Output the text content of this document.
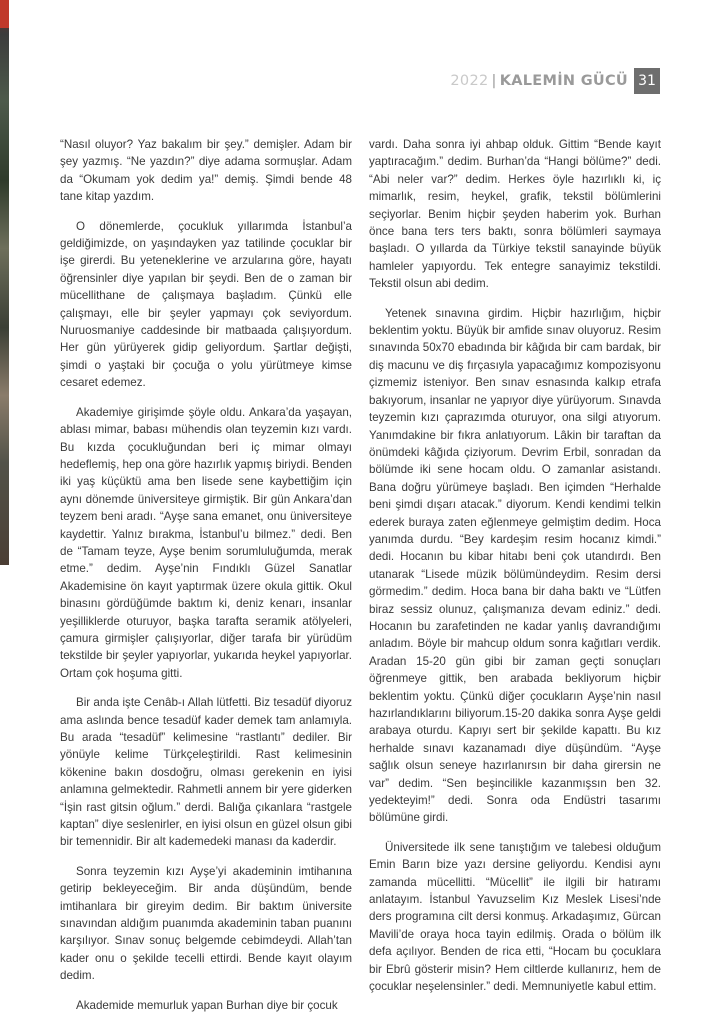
2022 | KALEMİN GÜCÜ 31

“Nasıl oluyor? Yaz bakalım bir şey.” demişler. Adam bir şey yazmış. “Ne yazdın?” diye adama sormuşlar. Adam da “Okumam yok dedim ya!” demiş. Şimdi bende 48 tane kitap yazdım.

O dönemlerde, çocukluk yıllarımda İstanbul’a geldiğimizde, on yaşındayken yaz tatilinde çocuklar bir işe girerdi. Bu yeteneklerine ve arzularına göre, hayatı öğrensinler diye yapılan bir şeydi. Ben de o zaman bir mücellithane de çalışmaya başladım. Çünkü elle çalışmayı, elle bir şeyler yapmayı çok seviyordum. Nuruosmaniye caddesinde bir matbaada çalışıyordum. Her gün yürüyerek gidip geliyordum. Şartlar değişti, şimdi o yaştaki bir çocuğa o yolu yürütmeye kimse cesaret edemez.

Akademiye girişimde şöyle oldu. Ankara’da yaşayan, ablası mimar, babası mühendis olan teyzemin kızı vardı. Bu kızda çocukluğundan beri iç mimar olmayı hedeflemiş, hep ona göre hazırlık yapmış biriydi. Benden iki yaş küçüktü ama ben lisede sene kaybettiğim için aynı dönemde üniversiteye girmiştik. Bir gün Ankara’dan teyzem beni aradı. “Ayşe sana emanet, onu üniversiteye kaydettir. Yalnız bırakma, İstanbul’u bilmez.” dedi. Ben de “Tamam teyze, Ayşe benim sorumluluğumda, merak etme.” dedim. Ayşe’nin Fındıklı Güzel Sanatlar Akademisine ön kayıt yaptırmak üzere okula gittik. Okul binasını gördüğümde baktım ki, deniz kenarı, insanlar yeşilliklerde oturuyor, başka tarafta seramik atölyeleri, çamura girmişler çalışıyorlar, diğer tarafa bir yürüdüm tekstilde bir şeyler yapıyorlar, yukarıda heykel yapıyorlar. Ortam çok hoşuma gitti.

Bir anda işte Cenâb-ı Allah lütfetti. Biz tesadüf diyoruz ama aslında bence tesadüf kader demek tam anlamıyla. Bu arada “tesadüf” kelimesine “rastlantı” dediler. Bir yönüyle kelime Türkçeleştirildi. Rast kelimesinin kökenine bakın dosdoğru, olması gerekenin en iyisi anlamına gelmektedir. Rahmetli annem bir yere giderken “İşin rast gitsin oğlum.” derdi. Balığa çıkanlara “rastgele kaptan” diye seslenirler, en iyisi olsun en güzel olsun gibi bir temennidir. Bir alt kademedeki manası da kaderdir.

Sonra teyzemin kızı Ayşe’yi akademinin imtihanına getirip bekleyeceğim. Bir anda düşündüm, bende imtihanlara bir gireyim dedim. Bir baktım üniversite sınavından aldığım puanımda akademinin taban puanını karşılıyor. Sınav sonuç belgemde cebimdeydi. Allah’tan kader onu o şekilde tecelli ettirdi. Bende kayıt olayım dedim.

Akademide memurluk yapan Burhan diye bir çocuk

vardı. Daha sonra iyi ahbap olduk. Gittim “Bende kayıt yaptıracağım.” dedim. Burhan’da “Hangi bölüme?” dedi. “Abi neler var?” dedim. Herkes öyle hazırlıklı ki, iç mimarlık, resim, heykel, grafik, tekstil bölümlerini seçiyorlar. Benim hiçbir şeyden haberim yok. Burhan önce bana ters ters baktı, sonra bölümleri saymaya başladı. O yıllarda da Türkiye tekstil sanayinde büyük hamleler yapıyordu. Tek entegre sanayimiz tekstildi. Tekstil olsun abi dedim.

Yetenek sınavına girdim. Hiçbir hazırlığım, hiçbir beklentim yoktu. Büyük bir amfide sınav oluyoruz. Resim sınavında 50x70 ebadında bir kâğıda bir cam bardak, bir diş macunu ve diş fırçasıyla yapacağımız kompozisyonu çizmemiz isteniyor. Ben sınav esnasında kalkıp etrafa bakıyorum, insanlar ne yapıyor diye yürüyorum. Sınavda teyzemin kızı çaprazımda oturuyor, ona silgi atıyorum. Yanımdakine bir fıkra anlatıyorum. Lâkin bir taraftan da önümdeki kâğıda çiziyorum. Devrim Erbil, sonradan da bölümde iki sene hocam oldu. O zamanlar asistandı. Bana doğru yürümeye başladı. Ben içimden “Herhalde beni şimdi dışarı atacak.” diyorum. Kendi kendimi telkin ederek buraya zaten eğlenmeye gelmiştim dedim. Hoca yanımda durdu. “Bey kardeşim resim hocanız kimdi.” dedi. Hocanın bu kibar hitabı beni çok utandırdı. Ben utanarak “Lisede müzik bölümündeydim. Resim dersi görmedim.” dedim. Hoca bana bir daha baktı ve “Lütfen biraz sessiz olunuz, çalışmanıza devam ediniz.” dedi. Hocanın bu zarafetinden ne kadar yanlış davrandığımı anladım. Böyle bir mahcup oldum sonra kağıtları verdik. Aradan 15-20 gün gibi bir zaman geçti sonuçları öğrenmeye gittik, ben arabada bekliyorum hiçbir beklentim yoktu. Çünkü diğer çocukların Ayşe’nin nasıl hazırlandıklarını biliyorum.15-20 dakika sonra Ayşe geldi arabaya oturdu. Kapıyı sert bir şekilde kapattı. Bu kız herhalde sınavı kazanamadı diye düşündüm. “Ayşe sağlık olsun seneye hazırlanırsın bir daha girersin ne var” dedim. “Sen beşincilikle kazanmışsın ben 32. yedekteyim!” dedi. Sonra oda Endüstri tasarımı bölümüne girdi.

Üniversitede ilk sene tanıştığım ve talebesi olduğum Emin Barın bize yazı dersine geliyordu. Kendisi aynı zamanda mücellitti. “Mücellit” ile ilgili bir hatıramı anlatayım. İstanbul Yavuzselim Kız Meslek Lisesi’nde ders programına cilt dersi konmuş. Arkadaşımız, Gürcan Mavili’de oraya hoca tayin edilmiş. Orada o bölüm ilk defa açılıyor. Benden de rica etti, “Hocam bu çocuklara bir Ebrû gösterir misin? Hem ciltlerde kullanırız, hem de çocuklar neşelensinler.” dedi. Memnuniyetle kabul ettim.
